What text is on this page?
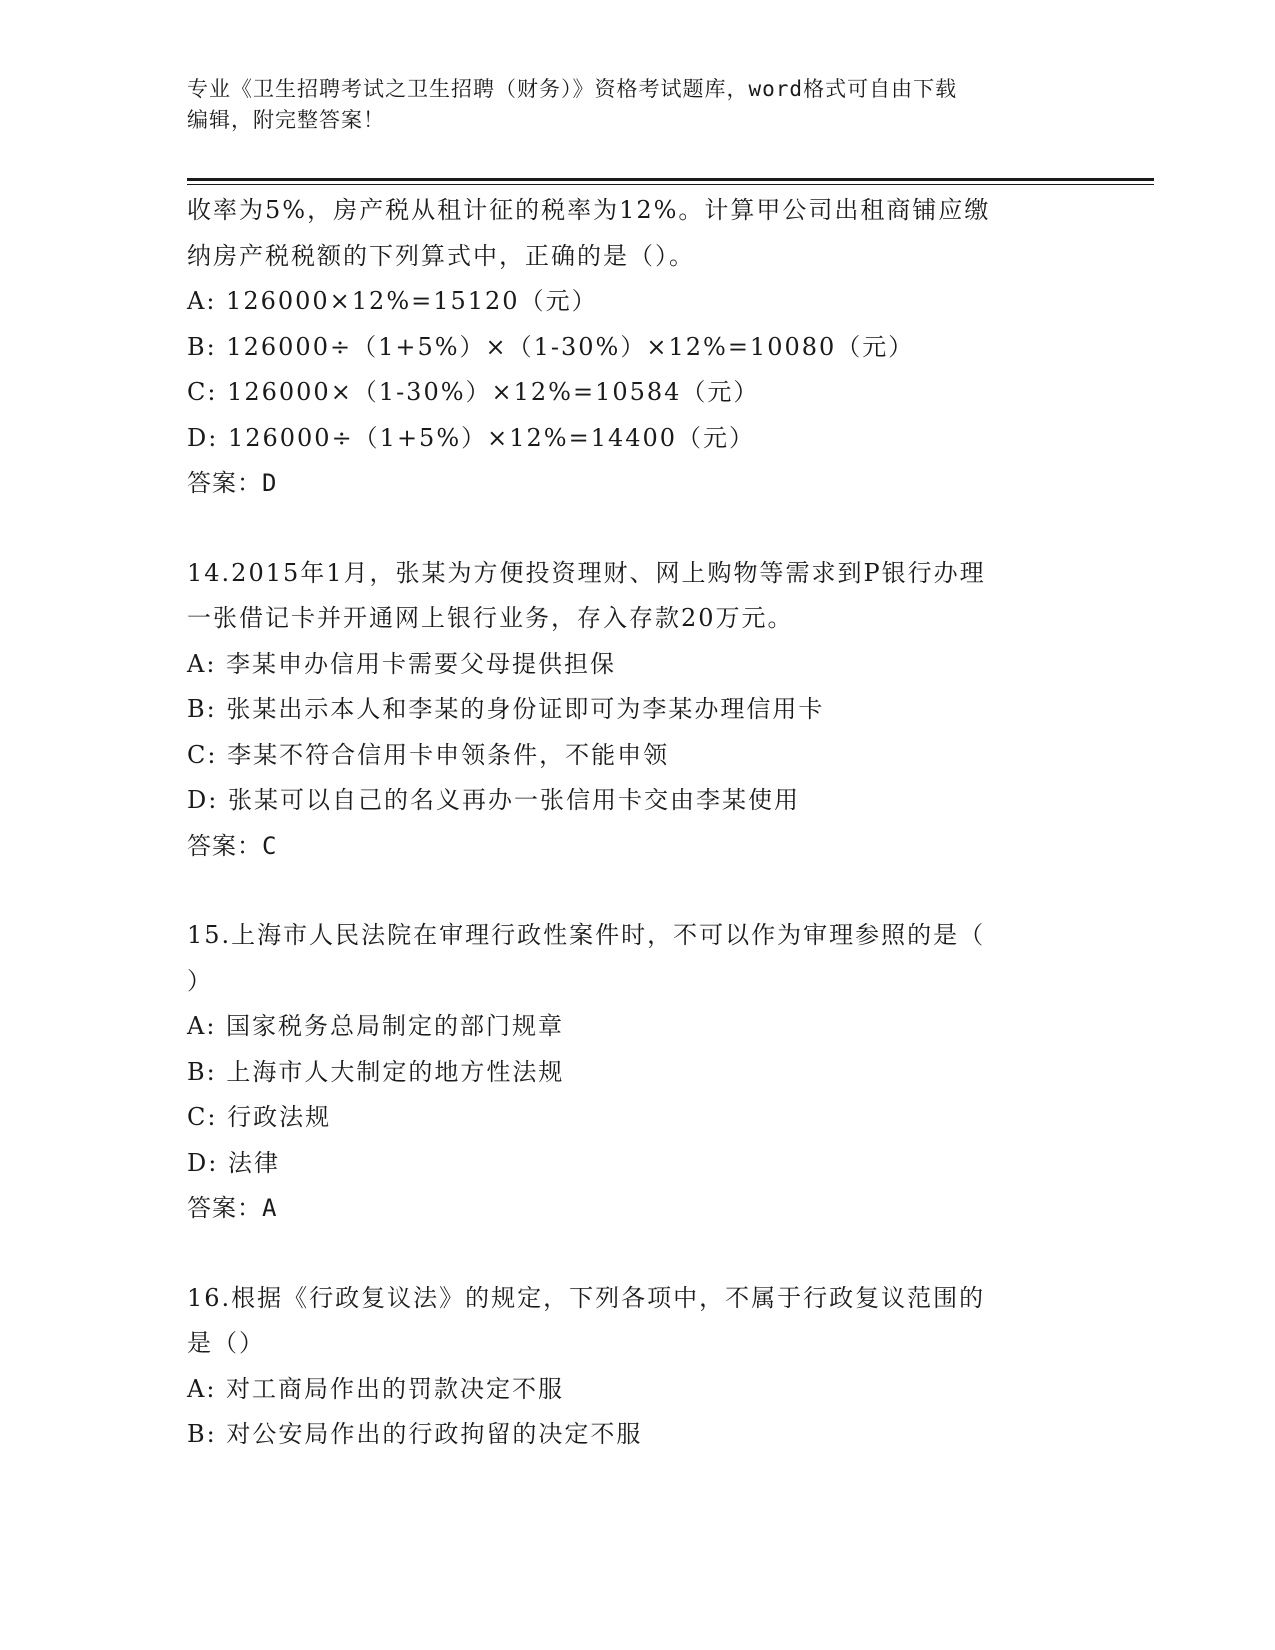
专业《卫生招聘考试之卫生招聘（财务）》资格考试题库，word格式可自由下载
编辑，附完整答案！
收率为5%，房产税从租计征的税率为12%。计算甲公司出租商铺应缴
纳房产税税额的下列算式中，正确的是（）。
A: 126000×12%=15120（元）
B: 126000÷（1+5%）×（1-30%）×12%=10080（元）
C: 126000×（1-30%）×12%=10584（元）
D: 126000÷（1+5%）×12%=14400（元）
答案：D
14.2015年1月，张某为方便投资理财、网上购物等需求到P银行办理
一张借记卡并开通网上银行业务，存入存款20万元。
A: 李某申办信用卡需要父母提供担保
B: 张某出示本人和李某的身份证即可为李某办理信用卡
C: 李某不符合信用卡申领条件，不能申领
D: 张某可以自己的名义再办一张信用卡交由李某使用
答案：C
15.上海市人民法院在审理行政性案件时，不可以作为审理参照的是（
）
A: 国家税务总局制定的部门规章
B: 上海市人大制定的地方性法规
C: 行政法规
D: 法律
答案：A
16.根据《行政复议法》的规定，下列各项中，不属于行政复议范围的
是（）
A: 对工商局作出的罚款决定不服
B: 对公安局作出的行政拘留的决定不服
